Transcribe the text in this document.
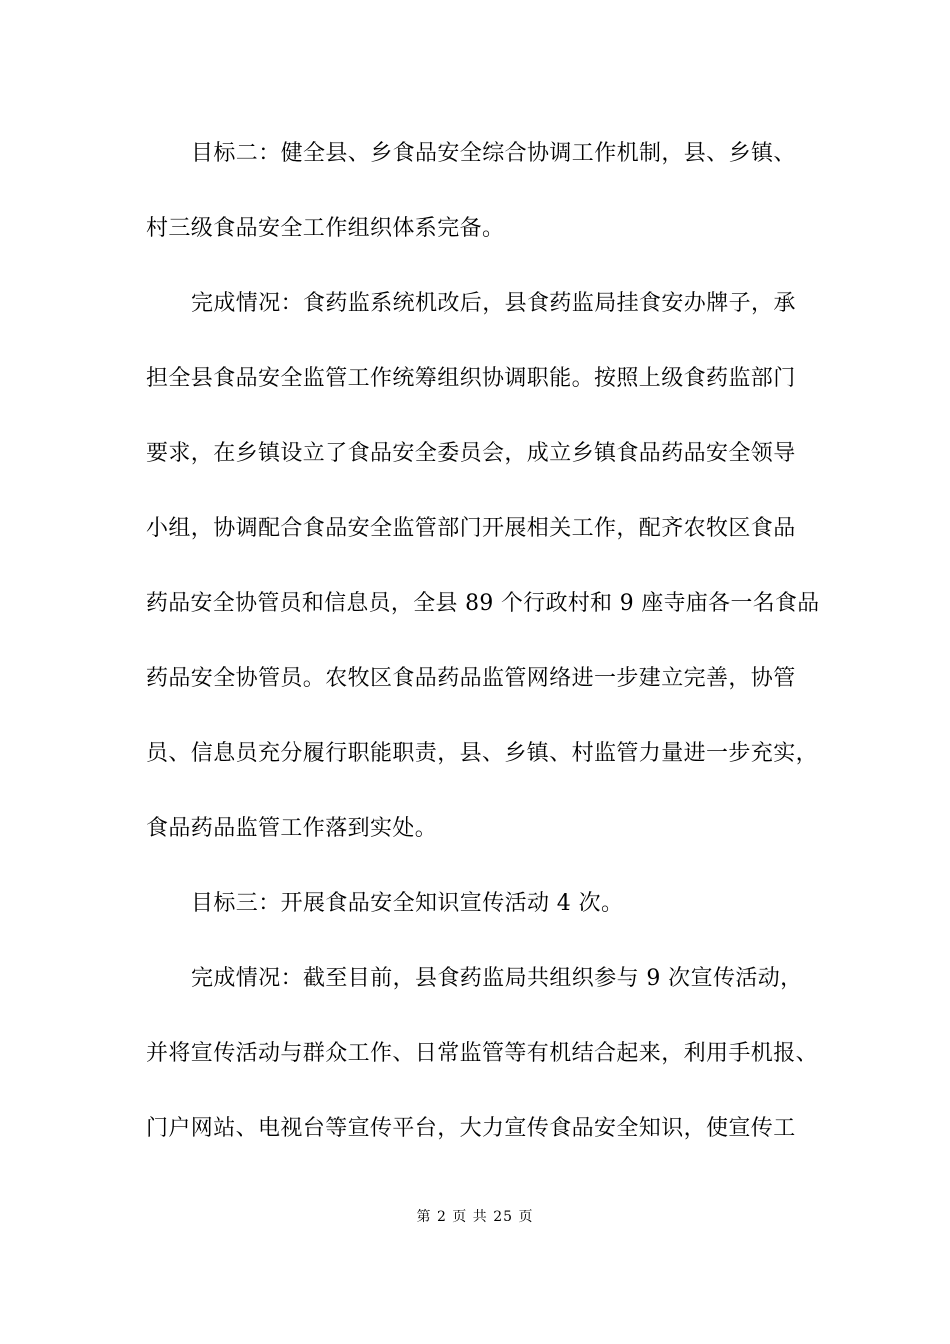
目标二：健全县、乡食品安全综合协调工作机制，县、乡镇、
村三级食品安全工作组织体系完备。
完成情况：食药监系统机改后，县食药监局挂食安办牌子，承
担全县食品安全监管工作统筹组织协调职能。按照上级食药监部门
要求，在乡镇设立了食品安全委员会，成立乡镇食品药品安全领导
小组，协调配合食品安全监管部门开展相关工作，配齐农牧区食品
药品安全协管员和信息员，全县 89 个行政村和 9 座寺庙各一名食品
药品安全协管员。农牧区食品药品监管网络进一步建立完善，协管
员、信息员充分履行职能职责，县、乡镇、村监管力量进一步充实，
食品药品监管工作落到实处。
目标三：开展食品安全知识宣传活动 4 次。
完成情况：截至目前，县食药监局共组织参与 9 次宣传活动，
并将宣传活动与群众工作、日常监管等有机结合起来，利用手机报、
门户网站、电视台等宣传平台，大力宣传食品安全知识，使宣传工
第 2 页 共 25 页
